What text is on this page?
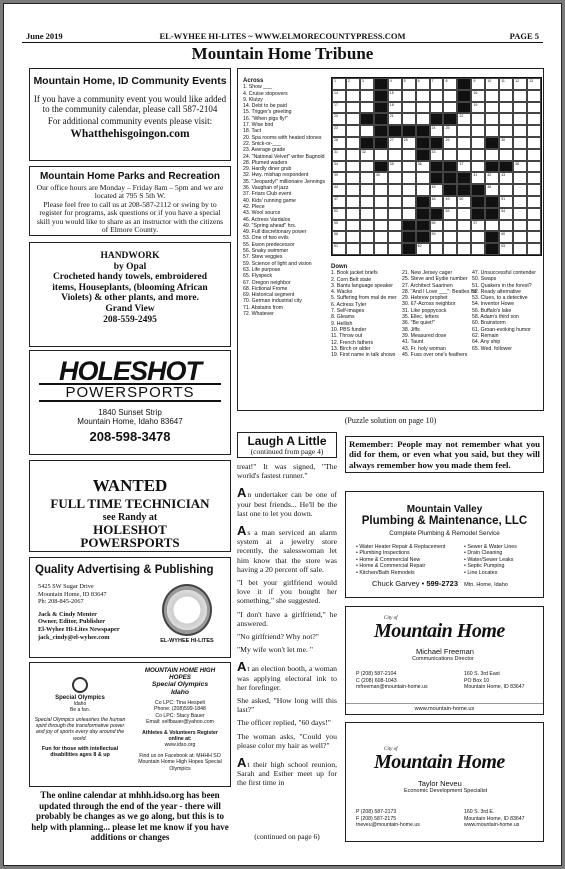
June 2019	EL-WYHEE HI-LITES ~ WWW.ELMORECOUNTYPRESS.COM	PAGE 5
Mountain Home Tribune
Mountain Home, ID Community Events
If you have a community event you would like added to the community calendar, please call 587-2104
For additional community events please visit:
Whatthehisgoingon.com
Mountain Home Parks and Recreation
Our office hours are Monday – Friday 8am – 5pm and we are located at 795 S 5th W.
Please feel free to call us at 208-587-2112 or swing by to register for programs, ask questions or if you have a special skill you would like to share as an instructor with the citizens of Elmore County.
HANDWORK
by Opal
Crocheted handy towels, embroidered items, Houseplants, (blooming African Violets) & other plants, and more.
Grand View
208-559-2495
HOLESHOT
POWERSPORTS
1840 Sunset Strip
Mountain Home, Idaho 83647
208-598-3478
WANTED
FULL TIME TECHNICIAN
see Randy at
HOLESHOT
POWERSPORTS
Quality Advertising & Publishing
5425 SW Sugar Drive
Mountain Home, ID 83647
Ph: 208-845-2067
Jack & Cindy Menter
Owner, Editor, Publisher
El-Wyhee Hi-Lites Newspaper
jack_cindy@el-wyhee.com
EL-WYHEE HI-LITES
Special Olympics
Idaho
Be a fan.
Special Olympics unleashes the human spirit through the transformative power and joy of sports every day around the world.
Fun for those with intellectual disabilities ages 8 & up
MOUNTAIN HOME HIGH HOPES
Special Olympics Idaho
Co LPC: Tina Hespelt
Phone: (208)599-1848
Co LPC: Stacy Bauer
Email: selfbauer@yahoo.com
Athletes & Volunteers Register online at:
www.idso.org
Find us on Facebook at: MHHH SO Mountain Home High Hopes Special Olympics
The online calendar at mhhh.idso.org has been updated through the end of the year - there will probably be changes as we go along, but this is to help with planning... please let me know if you have additions or changes
Across
1. Show ___
4. Cruise stopovers
9. Klutzy
14. Debt to be paid
15. Trigger's greeting
16. "When pigs fly!"
17. Wise bird
18. Tact
20. Spa rooms with heated stones
22. Snick-or-___
23. Average grade
24. "National Velvet" writer Bagnold
28. Plumed waders
29. Hardly diner grub
32. Hwy. mishap respondent
35. "Jeopardy!" millionaire Jennings
36. Vaughan of jazz
37. Friars Club event
40. Kids' running game
42. Plece
43. Wool source
46. Actress Vardalos
49. "Spring ahead" hrs.
49. Full discretionary power
53. One of two evils
55. Ewon predecessor
56. Snaky swimmer
57. Stew veggies
59. Science of light and vision
63. Life purpose
65. Flyspeck
67. Oregon neighbor
68. Fictional Frome
69. Historical segment
70. German industrial city
71. Abstains from
72. Whatever
1	2	3	4	5	6	7	8	9	10	11	12	13
14	15	16
17	18	19
20	21	22
23	24	25
26	27	28	29	30
31	32	33
34	35	36	37	38
39	40	41	42	43
44	45	46
47	48	49	50	51
52	53	54
55	56	57
58	59	60
61	62	63
Down
1. Book jacket briefs
2. Corn Belt state
3. Bantu language speaker
4. Wacko
5. Suffering from mal de mer
6. Actress Tyler
7. Self-images
8. Gleams
9. Hellish
10. PBS funder
11. Throw out
12. French fathers
13. Birch or alder
19. First name in talk shows
21. New Jersey cager
25. Steve and Eydie number
27. Architect Saarinen
28. "And I Love ___": Beatles hit
29. Hebrew prophet
30. 67-Across neighbor
31. Like poppycock
35. Ellec. letters
36. "Be quiet!"
38. Jiffs
39. Measured dose
41. Taunt
43. Fr. holy woman
45. Fuss over one's feathers
47. Unsuccessful contender
50. Swaps
51. Quakers in the forest?
52. Ready alternative
53. Clues, to a detective
54. Inventor Howe
56. Buffalo's lake
58. Adam's third son
60. Brainstorm
61. Groan-evoking humor
62. Remain
64. Any ship
65. Wed. follower
(Puzzle solution on page 10)
Laugh A Little
(continued from page 4)

treat!" It was signed, "The world's fastest runner."

An undertaker can be one of your best friends... He'll be the last one to let you down.

As a man serviced an alarm system at a jewelry store recently, the salesswoman let him know that the store was having a 20 percent off sale.

"I bet your girlfriend would love it if you bought her something," she suggested.

"I don't have a girlfriend," he answered.

"No girlfriend? Why not?"

"My wife won't let me. "

At an election booth, a woman was applying electoral ink to her forefinger.

She asked, "How long will this last?"

The officer replied, "60 days!"

The woman asks, "Could you please color my hair as well?"

At their high school reunion, Sarah and Esther meet up for the first time in

(continued on page 6)
Remember: People may not remember what you did for them, or even what you said, but they will always remember how you made them feel.
Mountain Valley
Plumbing & Maintenance, LLC
Complete Plumbing & Remodel Service
• Water Heater Repair & Replacement
• Plumbing Inspections
• Home & Commercial New
• Home & Commercial Repair
• Kitchen/Bath Remodels
• Sewer & Water Lines
• Drain Cleaning
• Water/Sewer Leaks
• Septic Pumping
• Line Locates
Chuck Garvey • 599-2723 Mtn. Home, Idaho
City of
Mountain Home
Michael Freeman
Communications Director
P (208) 587-2104
C (208) 608-1043
mfreeman@mountain-home.us
160 S. 3rd East
PO Box 10
Mountain Home, ID 83647
www.mountain-home.us
City of
Mountain Home
Taylor Neveu
Economic Development Specialist
P (208) 587-2173
F (208) 587-2175
tneveu@mountain-home.us
160 S. 3rd E.
Mountain Home, ID 83647
www.mountain-home.us
